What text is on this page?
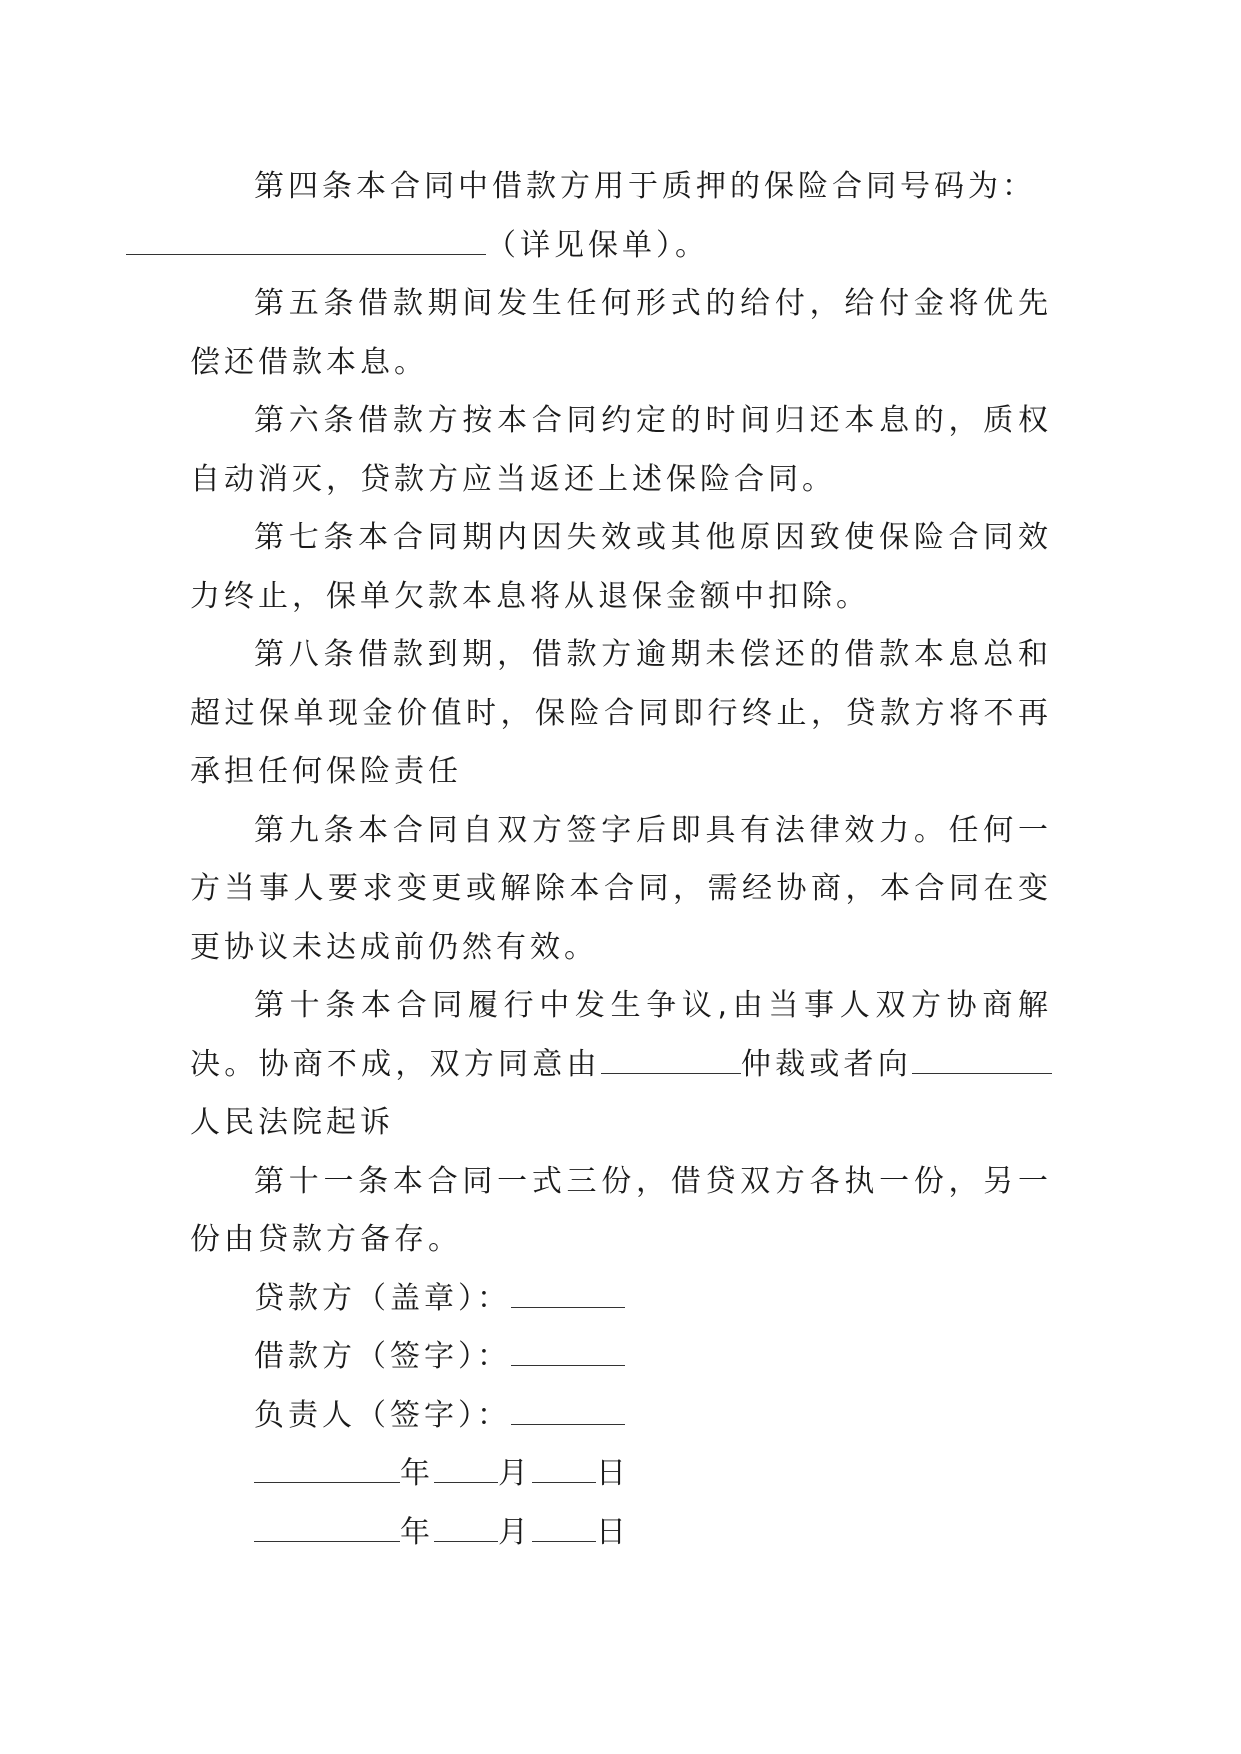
第四条本合同中借款方用于质押的保险合同号码为：
（详见保单）。

第五条借款期间发生任何形式的给付，给付金将优先偿还借款本息。

第六条借款方按本合同约定的时间归还本息的，质权自动消灭，贷款方应当返还上述保险合同。

第七条本合同期内因失效或其他原因致使保险合同效力终止，保单欠款本息将从退保金额中扣除。

第八条借款到期，借款方逾期未偿还的借款本息总和超过保单现金价值时，保险合同即行终止，贷款方将不再承担任何保险责任

第九条本合同自双方签字后即具有法律效力。任何一方当事人要求变更或解除本合同，需经协商，本合同在变更协议未达成前仍然有效。

第十条本合同履行中发生争议,由当事人双方协商解决。协商不成，双方同意由	仲裁或者向人民法院起诉

第十一条本合同一式三份，借贷双方各执一份，另一份由贷款方备存。

贷款方（盖章）：

借款方（签字）：

负责人（签字）：

年 月 日

年 月 日
